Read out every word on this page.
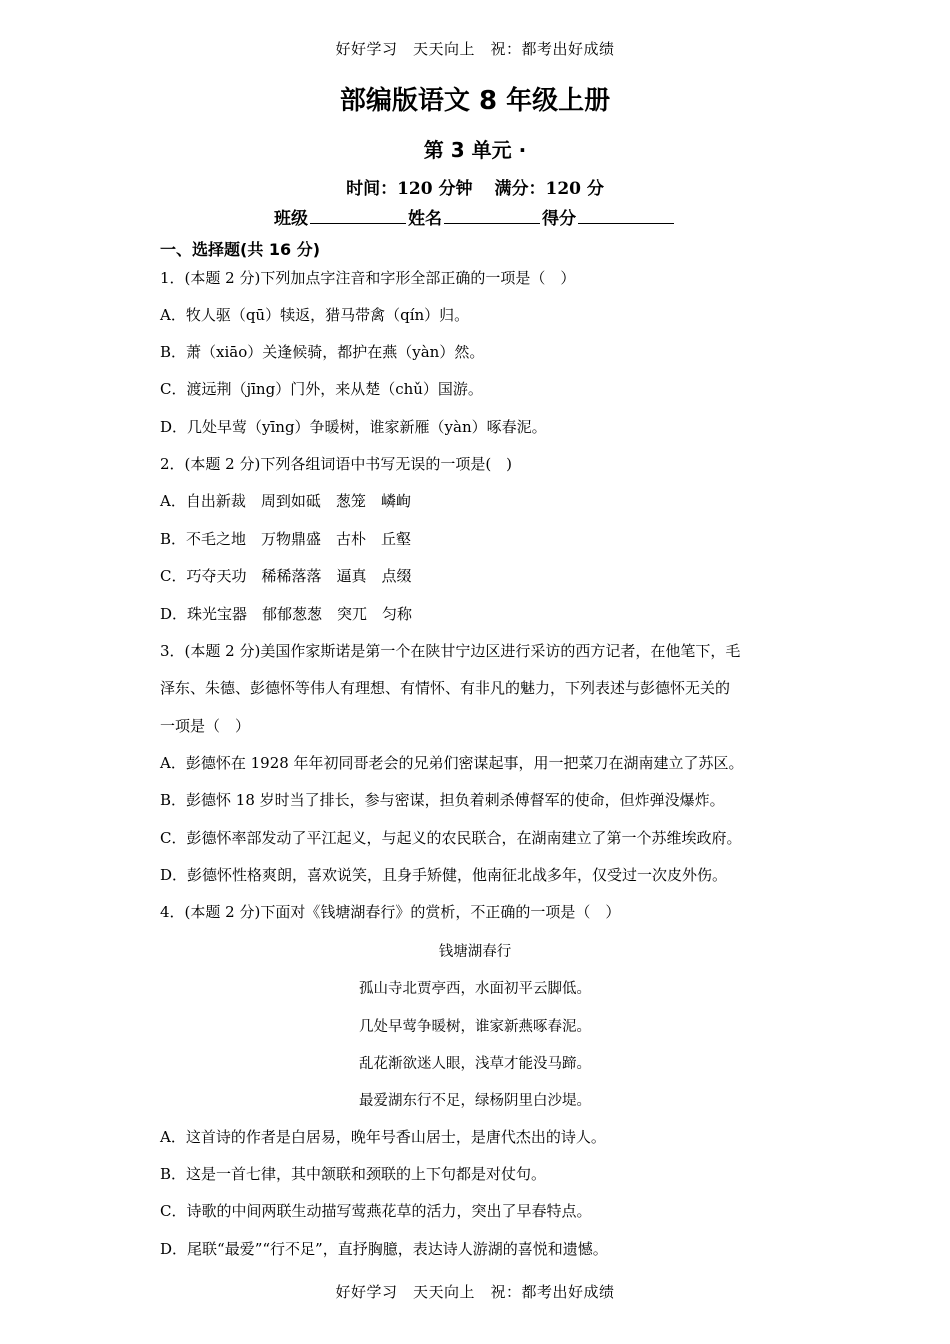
好好学习　天天向上　祝：都考出好成绩
部编版语文 8 年级上册
第 3 单元 ·
时间：120 分钟 满分：120 分
班级	姓名	得分
一、选择题(共 16 分)
1．(本题 2 分)下列加点字注音和字形全部正确的一项是（　）
A．牧人驱（qū）犊返，猎马带禽（qín）归。
B．萧（xiāo）关逢候骑，都护在燕（yàn）然。
C．渡远荆（jīng）门外，来从楚（chǔ）国游。
D．几处早莺（yīng）争暖树，谁家新雁（yàn）啄春泥。
2．(本题 2 分)下列各组词语中书写无误的一项是(　)
A．自出新裁　周到如砥　葱笼　嶙峋
B．不毛之地　万物鼎盛　古朴　丘壑
C．巧夺天功　稀稀落落　逼真　点缀
D．珠光宝器　郁郁葱葱　突兀　匀称
3．(本题 2 分)美国作家斯诺是第一个在陕甘宁边区进行采访的西方记者，在他笔下，毛
泽东、朱德、彭德怀等伟人有理想、有情怀、有非凡的魅力，下列表述与彭德怀无关的
一项是（　）
A．彭德怀在 1928 年年初同哥老会的兄弟们密谋起事，用一把菜刀在湖南建立了苏区。
B．彭德怀 18 岁时当了排长，参与密谋，担负着刺杀傅督军的使命，但炸弹没爆炸。
C．彭德怀率部发动了平江起义，与起义的农民联合，在湖南建立了第一个苏维埃政府。
D．彭德怀性格爽朗，喜欢说笑，且身手矫健，他南征北战多年，仅受过一次皮外伤。
4．(本题 2 分)下面对《钱塘湖春行》的赏析，不正确的一项是（　）
钱塘湖春行
孤山寺北贾亭西，水面初平云脚低。
几处早莺争暖树，谁家新燕啄春泥。
乱花渐欲迷人眼，浅草才能没马蹄。
最爱湖东行不足，绿杨阴里白沙堤。
A．这首诗的作者是白居易，晚年号香山居士，是唐代杰出的诗人。
B．这是一首七律，其中颔联和颈联的上下句都是对仗句。
C．诗歌的中间两联生动描写莺燕花草的活力，突出了早春特点。
D．尾联“最爱”“行不足”，直抒胸臆，表达诗人游湖的喜悦和遗憾。
好好学习　天天向上　祝：都考出好成绩
